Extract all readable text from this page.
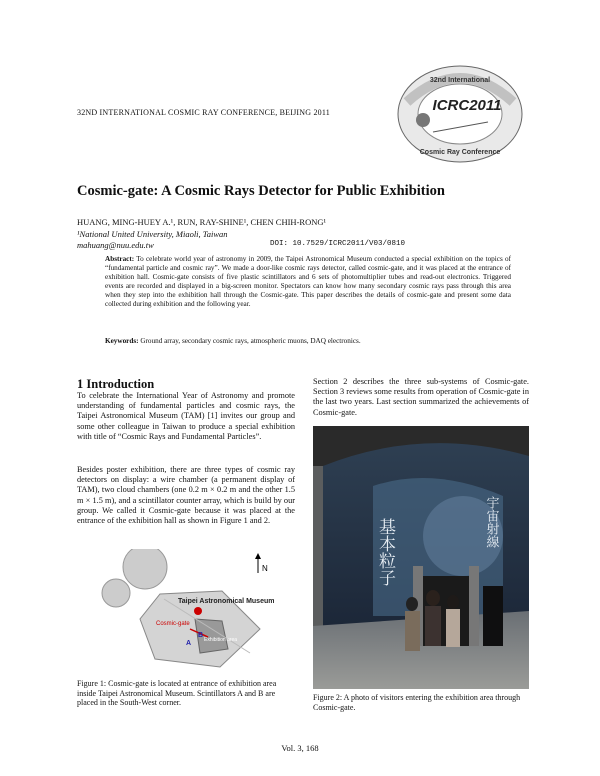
32ND INTERNATIONAL COSMIC RAY CONFERENCE, BEIJING 2011
32nd International
Cosmic Ray Conference
ICRC2011
Cosmic-gate: A Cosmic Rays Detector for Public Exhibition
HUANG, MING-HUEY A.¹, RUN, RAY-SHINE¹, CHEN CHIH-RONG¹
¹National United University, Miaoli, Taiwan
mahuang@nuu.edu.tw	DOI: 10.7529/ICRC2011/V03/0810
Abstract: To celebrate world year of astronomy in 2009, the Taipei Astronomical Museum conducted a special exhibition on the topics of “fundamental particle and cosmic ray”. We made a door-like cosmic rays detector, called cosmic-gate, and it was placed at the entrance of exhibition hall. Cosmic-gate consists of five plastic scintillators and 6 sets of photomultiplier tubes and read-out electronics. Triggered events are recorded and displayed in a big-screen monitor. Spectators can know how many secondary cosmic rays pass through this area when they step into the exhibition hall through the Cosmic-gate. This paper describes the details of cosmic-gate and present some data collected during exhibition and the following year.
Keywords: Ground array, secondary cosmic rays, atmospheric muons, DAQ electronics.
1 Introduction
To celebrate the International Year of Astronomy and promote understanding of fundamental particles and cosmic rays, the Taipei Astronomical Museum (TAM) [1] invites our group and some other colleague in Taiwan to produce a special exhibition with title of “Cosmic Rays and Fundamental Particles”.
Besides poster exhibition, there are three types of cosmic ray detectors on display: a wire chamber (a permanent display of TAM), two cloud chambers (one 0.2 m × 0.2 m and the other 1.5 m × 1.5 m), and a scintillator counter array, which is build by our group. We called it Cosmic-gate because it was placed at the entrance of the exhibition hall as shown in Figure 1 and 2.
Section 2 describes the three sub-systems of Cosmic-gate. Section 3 reviews some results from operation of Cosmic-gate in the last two years. Last section summarized the achievements of Cosmic-gate.
Taipei Astronomical Museum
N
Cosmic-gate
A
B
Exhibition area
Figure 1: Cosmic-gate is located at entrance of exhibition area inside Taipei Astronomical Museum. Scintillators A and B are placed in the South-West corner.
基本粒子	宇宙射線
Figure 2: A photo of visitors entering the exhibition area through Cosmic-gate.
Vol. 3, 168
